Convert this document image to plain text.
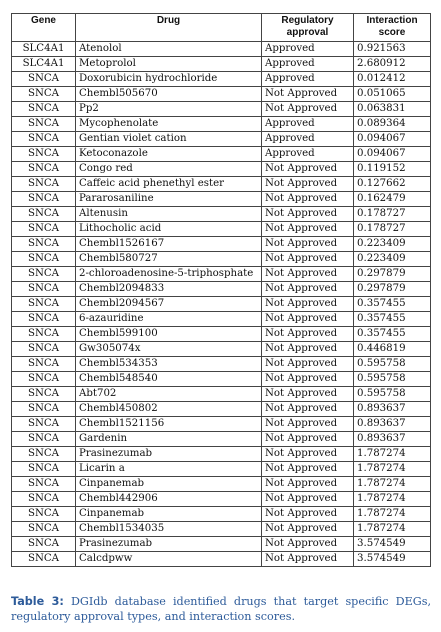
Gene	Drug	Regulatory approval	Interaction score
SLC4A1	Atenolol	Approved	0.921563
SLC4A1	Metoprolol	Approved	2.680912
SNCA	Doxorubicin hydrochloride	Approved	0.012412
SNCA	Chembl505670	Not Approved	0.051065
SNCA	Pp2	Not Approved	0.063831
SNCA	Mycophenolate	Approved	0.089364
SNCA	Gentian violet cation	Approved	0.094067
SNCA	Ketoconazole	Approved	0.094067
SNCA	Congo red	Not Approved	0.119152
SNCA	Caffeic acid phenethyl ester	Not Approved	0.127662
SNCA	Pararosaniline	Not Approved	0.162479
SNCA	Altenusin	Not Approved	0.178727
SNCA	Lithocholic acid	Not Approved	0.178727
SNCA	Chembl1526167	Not Approved	0.223409
SNCA	Chembl580727	Not Approved	0.223409
SNCA	2-chloroadenosine-5-triphosphate	Not Approved	0.297879
SNCA	Chembl2094833	Not Approved	0.297879
SNCA	Chembl2094567	Not Approved	0.357455
SNCA	6-azauridine	Not Approved	0.357455
SNCA	Chembl599100	Not Approved	0.357455
SNCA	Gw305074x	Not Approved	0.446819
SNCA	Chembl534353	Not Approved	0.595758
SNCA	Chembl548540	Not Approved	0.595758
SNCA	Abt702	Not Approved	0.595758
SNCA	Chembl450802	Not Approved	0.893637
SNCA	Chembl1521156	Not Approved	0.893637
SNCA	Gardenin	Not Approved	0.893637
SNCA	Prasinezumab	Not Approved	1.787274
SNCA	Licarin a	Not Approved	1.787274
SNCA	Cinpanemab	Not Approved	1.787274
SNCA	Chembl442906	Not Approved	1.787274
SNCA	Cinpanemab	Not Approved	1.787274
SNCA	Chembl1534035	Not Approved	1.787274
SNCA	Prasinezumab	Not Approved	3.574549
SNCA	Calcdpww	Not Approved	3.574549
Table 3: DGIdb database identified drugs that target specific DEGs, regulatory approval types, and interaction scores.
